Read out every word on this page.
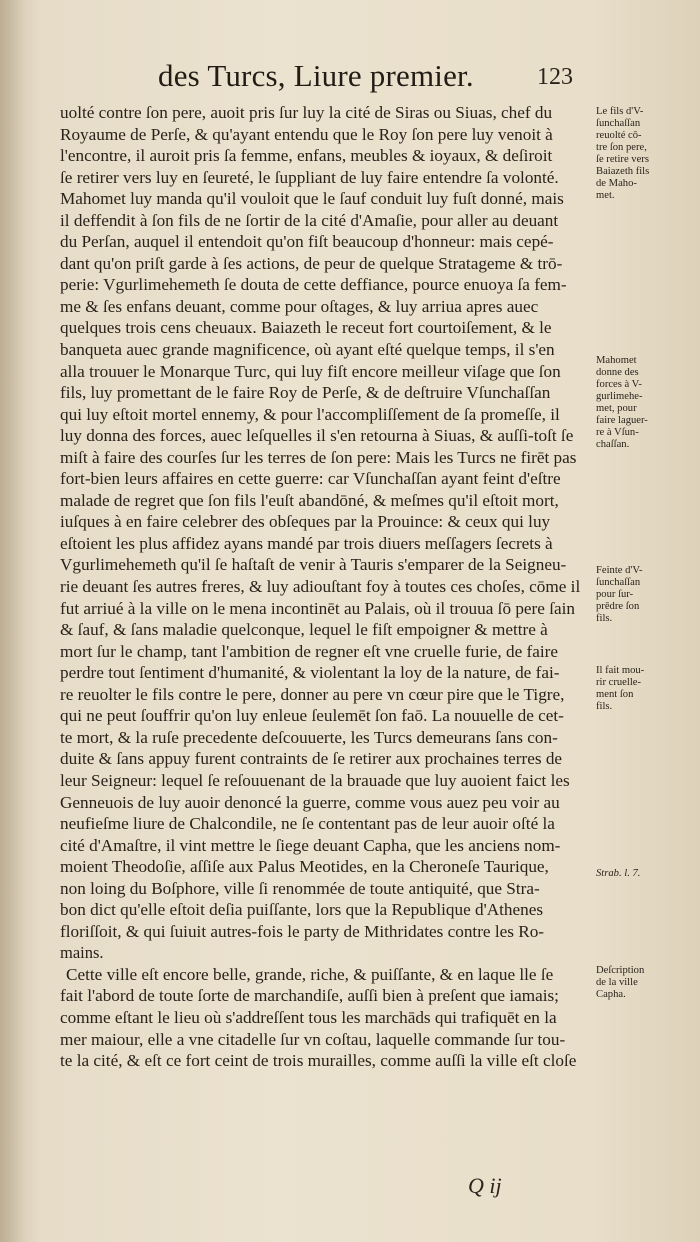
des Turcs, Liure premier.	123
uolté contre ſon pere, auoit pris ſur luy la cité de Siras ou Siuas, chef du
Royaume de Perſe, & qu'ayant entendu que le Roy ſon pere luy venoit à
l'encontre, il auroit pris ſa femme, enfans, meubles & ioyaux, & deſiroit
ſe retirer vers luy en ſeureté, le ſuppliant de luy faire entendre ſa volonté.
Mahomet luy manda qu'il vouloit que le ſauf conduit luy fuſt donné, mais
il deffendit à ſon fils de ne ſortir de la cité d'Amaſie, pour aller au deuant
du Perſan, auquel il entendoit qu'on fiſt beaucoup d'honneur: mais cepé-
dant qu'on priſt garde à ſes actions, de peur de quelque Stratageme & trō-
perie: Vgurlimehemeth ſe douta de cette deffiance, pource enuoya ſa fem-
me & ſes enfans deuant, comme pour oſtages, & luy arriua apres auec
quelques trois cens cheuaux. Baiazeth le receut fort courtoiſement, & le
banqueta auec grande magnificence, où ayant eſté quelque temps, il s'en
alla trouuer le Monarque Turc, qui luy fiſt encore meilleur viſage que ſon
fils, luy promettant de le faire Roy de Perſe, & de deſtruire Vſunchaſſan
qui luy eſtoit mortel ennemy, & pour l'accompliſſement de ſa promeſſe, il
luy donna des forces, auec leſquelles il s'en retourna à Siuas, & auſſi-toſt ſe
miſt à faire des courſes ſur les terres de ſon pere: Mais les Turcs ne firēt pas
fort-bien leurs affaires en cette guerre: car Vſunchaſſan ayant feint d'eſtre
malade de regret que ſon fils l'euſt abandōné, & meſmes qu'il eſtoit mort,
iuſques à en faire celebrer des obſeques par la Prouince: & ceux qui luy
eſtoient les plus affidez ayans mandé par trois diuers meſſagers ſecrets à
Vgurlimehemeth qu'il ſe haſtaſt de venir à Tauris s'emparer de la Seigneu-
rie deuant ſes autres freres, & luy adiouſtant foy à toutes ces choſes, cōme il
fut arriué à la ville on le mena incontinēt au Palais, où il trouua ſō pere ſain
& ſauf, & ſans maladie quelconque, lequel le fiſt empoigner & mettre à
mort ſur le champ, tant l'ambition de regner eſt vne cruelle furie, de faire
perdre tout ſentiment d'humanité, & violentant la loy de la nature, de fai-
re reuolter le fils contre le pere, donner au pere vn cœur pire que le Tigre,
qui ne peut ſouffrir qu'on luy enleue ſeulemēt ſon faō. La nouuelle de cet-
te mort, & la ruſe precedente deſcouuerte, les Turcs demeurans ſans con-
duite & ſans appuy furent contraints de ſe retirer aux prochaines terres de
leur Seigneur: lequel ſe reſouuenant de la brauade que luy auoient faict les
Genneuois de luy auoir denoncé la guerre, comme vous auez peu voir au
neufieſme liure de Chalcondile, ne ſe contentant pas de leur auoir oſté la
cité d'Amaſtre, il vint mettre le ſiege deuant Capha, que les anciens nom-
moient Theodoſie, aſſiſe aux Palus Meotides, en la Cheroneſe Taurique,
non loing du Boſphore, ville ſi renommée de toute antiquité, que Stra-
bon dict qu'elle eſtoit deſia puiſſante, lors que la Republique d'Athenes
floriſſoit, & qui ſuiuit autres-fois le party de Mithridates contre les Ro-
mains.
Cette ville eſt encore belle, grande, riche, & puiſſante, & en laque lle ſe
fait l'abord de toute ſorte de marchandiſe, auſſi bien à preſent que iamais;
comme eſtant le lieu où s'addreſſent tous les marchāds qui trafiquēt en la
mer maiour, elle a vne citadelle ſur vn coſtau, laquelle commande ſur tou-
te la cité, & eſt ce fort ceint de trois murailles, comme auſſi la ville eſt cloſe
Le fils d'V-
ſunchaſſan
reuolté cō-
tre ſon pere,
ſe retire vers
Baiazeth fils
de Maho-
met.
Mahomet
donne des
forces à V-
gurlimehe-
met, pour
faire laguer-
re à Vſun-
chaſſan.
Feinte d'V-
ſunchaſſan
pour ſur-
prēdre ſon
fils.
Il fait mou-
rir cruelle-
ment ſon
fils.
Strab. l. 7.
Deſcription
de la ville
Capha.
Q ij
